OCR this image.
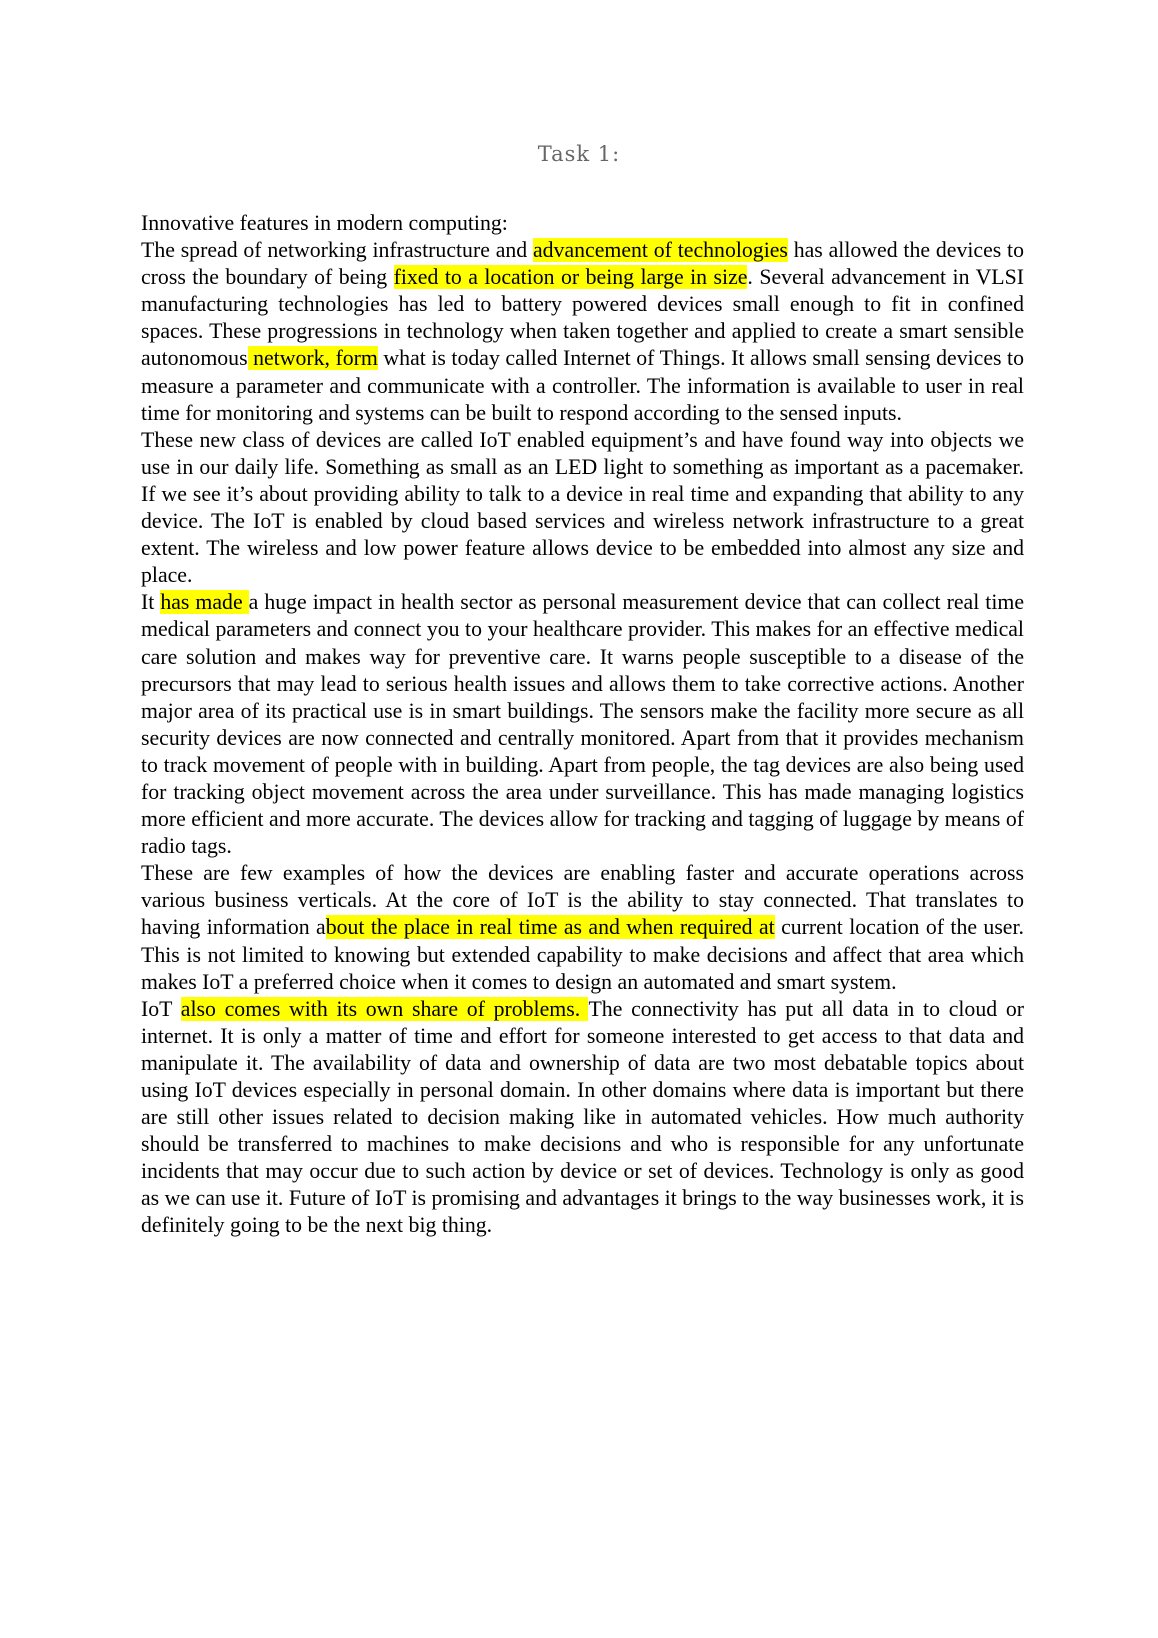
Task 1:

Innovative features in modern computing:

The spread of networking infrastructure and advancement of technologies has allowed the devices to cross the boundary of being fixed to a location or being large in size. Several advancement in VLSI manufacturing technologies has led to battery powered devices small enough to fit in confined spaces. These progressions in technology when taken together and applied to create a smart sensible autonomous network, form what is today called Internet of Things. It allows small sensing devices to measure a parameter and communicate with a controller. The information is available to user in real time for monitoring and systems can be built to respond according to the sensed inputs.

These new class of devices are called IoT enabled equipment’s and have found way into objects we use in our daily life. Something as small as an LED light to something as important as a pacemaker. If we see it’s about providing ability to talk to a device in real time and expanding that ability to any device. The IoT is enabled by cloud based services and wireless network infrastructure to a great extent. The wireless and low power feature allows device to be embedded into almost any size and place.

It has made a huge impact in health sector as personal measurement device that can collect real time medical parameters and connect you to your healthcare provider. This makes for an effective medical care solution and makes way for preventive care. It warns people susceptible to a disease of the precursors that may lead to serious health issues and allows them to take corrective actions. Another major area of its practical use is in smart buildings. The sensors make the facility more secure as all security devices are now connected and centrally monitored. Apart from that it provides mechanism to track movement of people with in building. Apart from people, the tag devices are also being used for tracking object movement across the area under surveillance. This has made managing logistics more efficient and more accurate. The devices allow for tracking and tagging of luggage by means of radio tags.

These are few examples of how the devices are enabling faster and accurate operations across various business verticals. At the core of IoT is the ability to stay connected. That translates to having information about the place in real time as and when required at current location of the user. This is not limited to knowing but extended capability to make decisions and affect that area which makes IoT a preferred choice when it comes to design an automated and smart system.

IoT also comes with its own share of problems. The connectivity has put all data in to cloud or internet. It is only a matter of time and effort for someone interested to get access to that data and manipulate it. The availability of data and ownership of data are two most debatable topics about using IoT devices especially in personal domain. In other domains where data is important but there are still other issues related to decision making like in automated vehicles. How much authority should be transferred to machines to make decisions and who is responsible for any unfortunate incidents that may occur due to such action by device or set of devices. Technology is only as good as we can use it. Future of IoT is promising and advantages it brings to the way businesses work, it is definitely going to be the next big thing.
